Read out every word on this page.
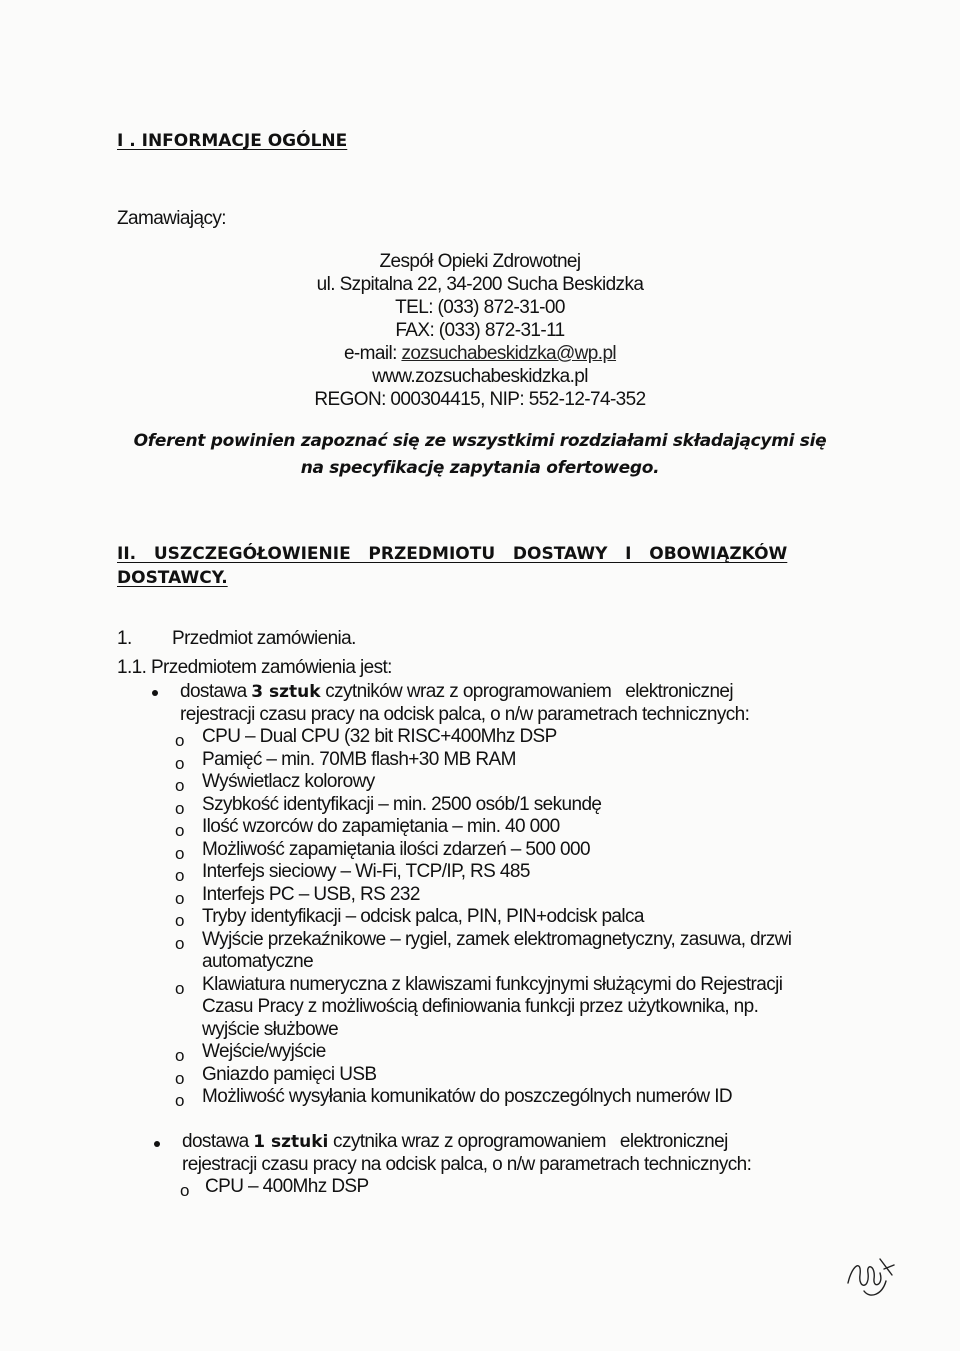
I . INFORMACJE OGÓLNE
Zamawiający:
Zespół Opieki Zdrowotnej
ul. Szpitalna 22, 34-200 Sucha Beskidzka
TEL: (033) 872-31-00
FAX: (033) 872-31-11
e-mail: zozsuchabeskidzka@wp.pl
www.zozsuchabeskidzka.pl
REGON: 000304415, NIP: 552-12-74-352
Oferent powinien zapoznać się ze wszystkimi rozdziałami składającymi się
na specyfikację zapytania ofertowego.
II.   USZCZEGÓŁOWIENIE   PRZEDMIOTU   DOSTAWY   I   OBOWIĄZKÓW
DOSTAWCY.
1. Przedmiot zamówienia.
1.1. Przedmiotem zamówienia jest:
dostawa 3 sztuk czytników wraz z oprogramowaniem   elektronicznej
rejestracji czasu pracy na odcisk palca, o n/w parametrach technicznych:
o CPU – Dual CPU (32 bit RISC+400Mhz DSP
o Pamięć – min. 70MB flash+30 MB RAM
o Wyświetlacz kolorowy
o Szybkość identyfikacji – min. 2500 osób/1 sekundę
o Ilość wzorców do zapamiętania – min. 40 000
o Możliwość zapamiętania ilości zdarzeń – 500 000
o Interfejs sieciowy – Wi-Fi, TCP/IP, RS 485
o Interfejs PC – USB, RS 232
o Tryby identyfikacji – odcisk palca, PIN, PIN+odcisk palca
o Wyjście przekaźnikowe – rygiel, zamek elektromagnetyczny, zasuwa, drzwi
automatyczne
o Klawiatura numeryczna z klawiszami funkcyjnymi służącymi do Rejestracji
Czasu Pracy z możliwością definiowania funkcji przez użytkownika, np.
wyjście służbowe
o Wejście/wyjście
o Gniazdo pamięci USB
o Możliwość wysyłania komunikatów do poszczególnych numerów ID
dostawa 1 sztuki czytnika wraz z oprogramowaniem   elektronicznej
rejestracji czasu pracy na odcisk palca, o n/w parametrach technicznych:
o CPU – 400Mhz DSP
